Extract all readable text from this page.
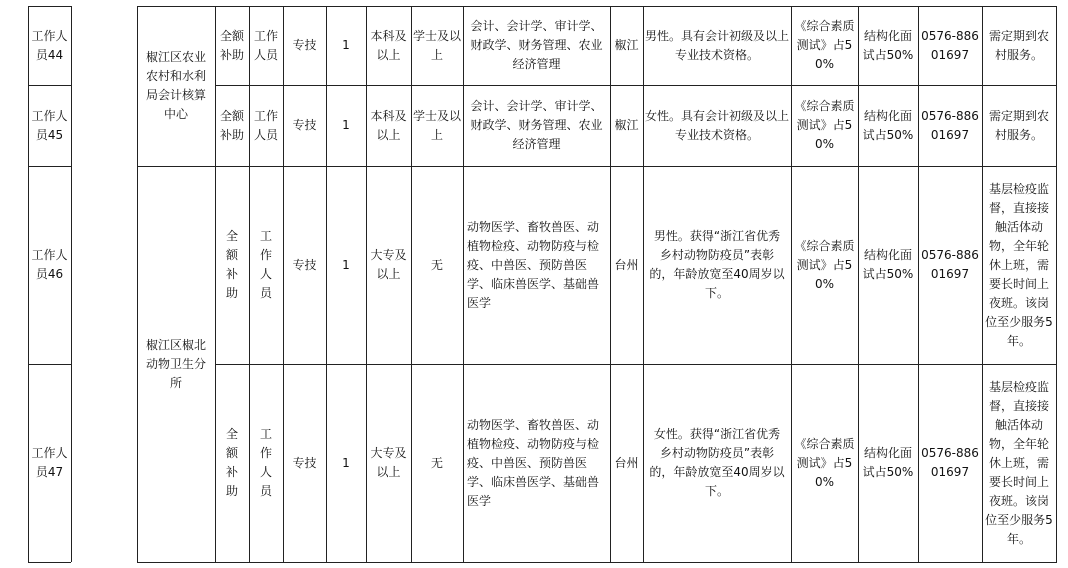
工作人员44
全额补助
工作人员
专技 1
本科及以上
学士及以上
会计、会计学、审计学、财政学、财务管理、农业经济管理
椒江
男性。具有会计初级及以上专业技术资格。
《综合素质测试》占50%
结构化面试占50%
0576-88601697
需定期到农村服务。
工作人员45
全额补助
工作人员
专技 1
本科及以上
学士及以上
会计、会计学、审计学、财政学、财务管理、农业经济管理
椒江
女性。具有会计初级及以上专业技术资格。
《综合素质测试》占50%
结构化面试占50%
0576-88601697
需定期到农村服务。
椒江区农业农村和水利局会计核算中心
工作人员46
全额补助
工作人员
专技 1
大专及以上
无
动物医学、畜牧兽医、动植物检疫、动物防疫与检疫、中兽医、预防兽医学、临床兽医学、基础兽医学
台州
男性。获得“浙江省优秀乡村动物防疫员”表彰的，年龄放宽至40周岁以下。
《综合素质测试》占50%
结构化面试占50%
0576-88601697
基层检疫监督，直接接触活体动物，全年轮休上班，需要长时间上夜班。该岗位至少服务5年。
工作人员47
全额补助
工作人员
专技 1
大专及以上
无
动物医学、畜牧兽医、动植物检疫、动物防疫与检疫、中兽医、预防兽医学、临床兽医学、基础兽医学
台州
女性。获得“浙江省优秀乡村动物防疫员”表彰的，年龄放宽至40周岁以下。
《综合素质测试》占50%
结构化面试占50%
0576-88601697
基层检疫监督，直接接触活体动物，全年轮休上班，需要长时间上夜班。该岗位至少服务5年。
椒江区椒北动物卫生分所
